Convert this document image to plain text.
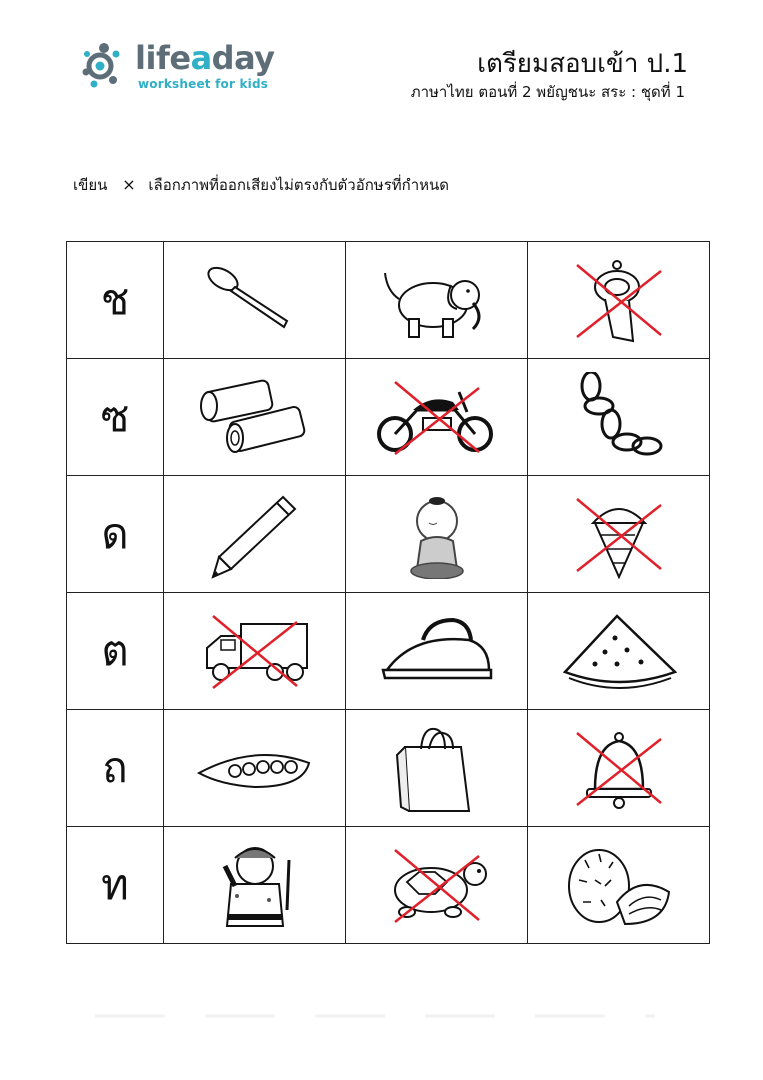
lifeaday
worksheet for kids
เตรียมสอบเข้า ป.1
ภาษาไทย ตอนที่ 2 พยัญชนะ สระ : ชุดที่ 1
เขียน × เลือกภาพที่ออกเสียงไม่ตรงกับตัวอักษรที่กำหนด
ช	

ซ	

ด	

ต	

ถ	

ท	
